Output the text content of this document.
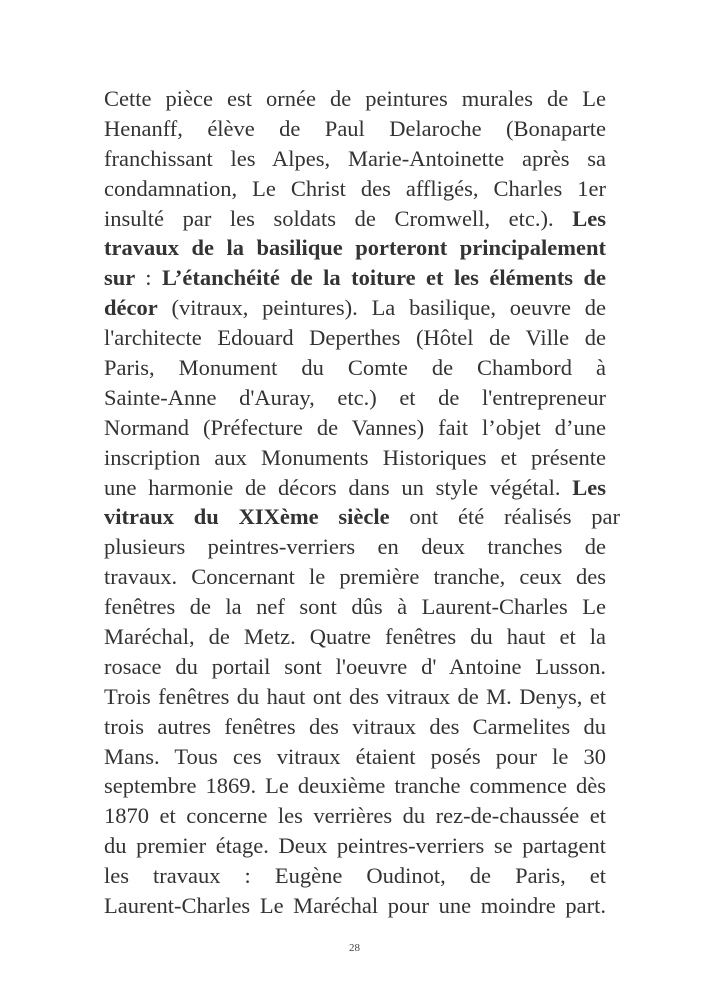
Cette pièce est ornée de peintures murales de Le
Henanff, élève de Paul Delaroche (Bonaparte
franchissant les Alpes, Marie-Antoinette après sa
condamnation, Le Christ des affligés, Charles 1er
insulté par les soldats de Cromwell, etc.). Les
travaux de la basilique porteront principalement
sur : L’étanchéité de la toiture et les éléments de
décor (vitraux, peintures). La basilique, oeuvre de
l'architecte Edouard Deperthes (Hôtel de Ville de
Paris, Monument du Comte de Chambord à
Sainte-Anne d'Auray, etc.) et de l'entrepreneur
Normand (Préfecture de Vannes) fait l’objet d’une
inscription aux Monuments Historiques et présente
une harmonie de décors dans un style végétal. Les
vitraux du XIXème siècle ont été réalisés par
plusieurs peintres-verriers en deux tranches de
travaux. Concernant le première tranche, ceux des
fenêtres de la nef sont dûs à Laurent-Charles Le
Maréchal, de Metz. Quatre fenêtres du haut et la
rosace du portail sont l'oeuvre d' Antoine Lusson.
Trois fenêtres du haut ont des vitraux de M. Denys, et
trois autres fenêtres des vitraux des Carmelites du
Mans. Tous ces vitraux étaient posés pour le 30
septembre 1869. Le deuxième tranche commence dès
1870 et concerne les verrières du rez-de-chaussée et
du premier étage. Deux peintres-verriers se partagent
les travaux : Eugène Oudinot, de Paris, et
Laurent-Charles Le Maréchal pour une moindre part.
28
